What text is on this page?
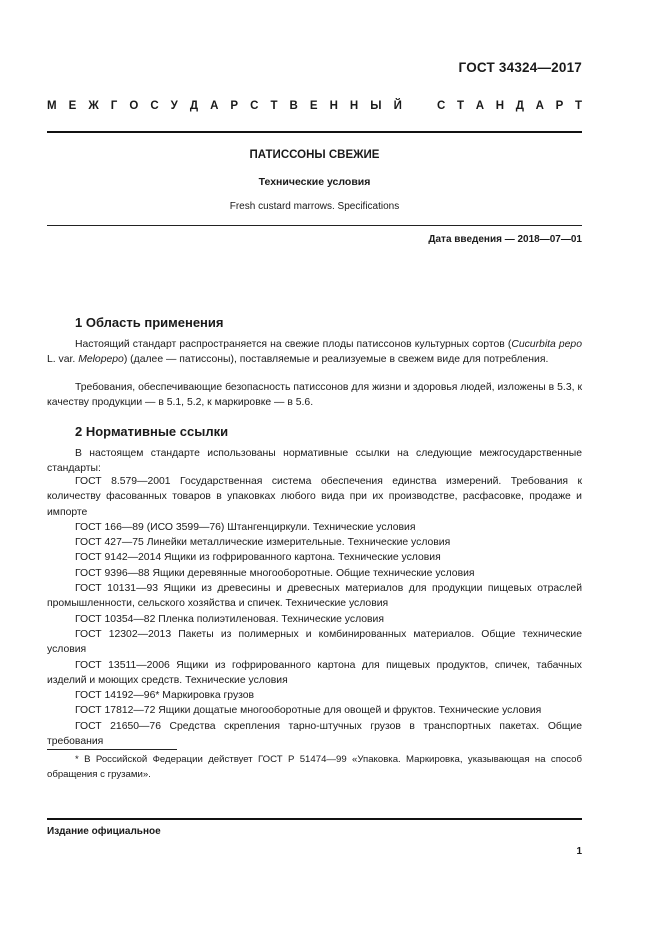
ГОСТ 34324—2017
М Е Ж Г О С У Д А Р С Т В Е Н Н Ы Й	С Т А Н Д А Р Т
ПАТИССОНЫ СВЕЖИЕ
Технические условия
Fresh custard marrows. Specifications
Дата введения — 2018—07—01
1 Область применения
Настоящий стандарт распространяется на свежие плоды патиссонов культурных сортов (Cucurbita pepo L. var. Melopepo) (далее — патиссоны), поставляемые и реализуемые в свежем виде для потребления.
Требования, обеспечивающие безопасность патиссонов для жизни и здоровья людей, изложены в 5.3, к качеству продукции — в 5.1, 5.2, к маркировке — в 5.6.
2 Нормативные ссылки
В настоящем стандарте использованы нормативные ссылки на следующие межгосударственные стандарты:

ГОСТ 8.579—2001 Государственная система обеспечения единства измерений. Требования к количеству фасованных товаров в упаковках любого вида при их производстве, расфасовке, продаже и импорте

ГОСТ 166—89 (ИСО 3599—76) Штангенциркули. Технические условия

ГОСТ 427—75 Линейки металлические измерительные. Технические условия

ГОСТ 9142—2014 Ящики из гофрированного картона. Технические условия

ГОСТ 9396—88 Ящики деревянные многооборотные. Общие технические условия

ГОСТ 10131—93 Ящики из древесины и древесных материалов для продукции пищевых отраслей промышленности, сельского хозяйства и спичек. Технические условия

ГОСТ 10354—82 Пленка полиэтиленовая. Технические условия

ГОСТ 12302—2013 Пакеты из полимерных и комбинированных материалов. Общие технические условия

ГОСТ 13511—2006 Ящики из гофрированного картона для пищевых продуктов, спичек, табачных изделий и моющих средств. Технические условия

ГОСТ 14192—96* Маркировка грузов

ГОСТ 17812—72 Ящики дощатые многооборотные для овощей и фруктов. Технические условия

ГОСТ 21650—76 Средства скрепления тарно-штучных грузов в транспортных пакетах. Общие требования

* В Российской Федерации действует ГОСТ Р 51474—99 «Упаковка. Маркировка, указывающая на способ обращения с грузами».
Издание официальное
1
